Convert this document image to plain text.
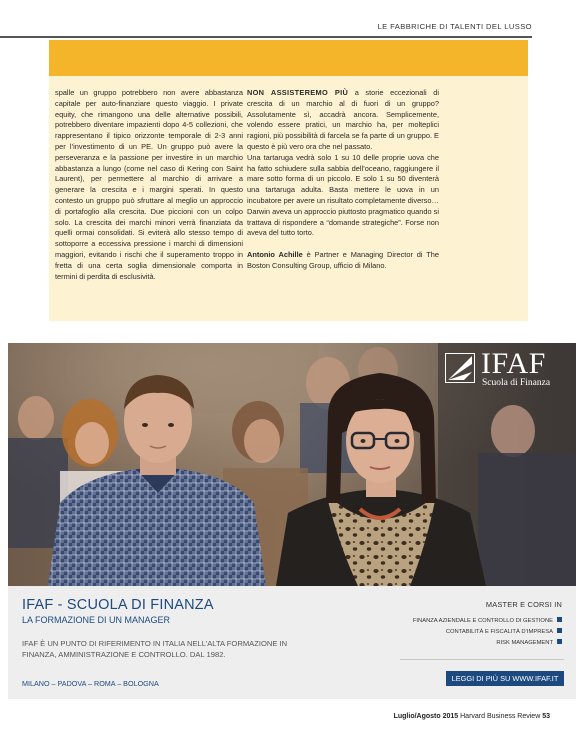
LE FABBRICHE DI TALENTI DEL LUSSO

spalle un gruppo potrebbero non avere abbastanza capitale per auto-finanziare questo viaggio. I private equity, che rimangono una delle alternative possibili, potrebbero diventare impazienti dopo 4-5 collezioni, che rappresentano il tipico orizzonte temporale di 2-3 anni per l’investimento di un PE. Un gruppo può avere la perseveranza e la passione per investire in un marchio abbastanza a lungo (come nel caso di Kering con Saint Laurent), per permettere al marchio di arrivare a generare la crescita e i margini sperati. In questo contesto un gruppo può sfruttare al meglio un approccio di portafoglio alla crescita. Due piccioni con un colpo solo. La crescita dei marchi minori verrà finanziata da quelli ormai consolidati. Si eviterà allo stesso tempo di sottoporre a eccessiva pressione i marchi di dimensioni maggiori, evitando i rischi che il superamento troppo in fretta di una certa soglia dimensionale comporta in termini di perdita di esclusività.

NON ASSISTEREMO PIÙ a storie eccezionali di crescita di un marchio al di fuori di un gruppo? Assolutamente sì, accadrà ancora. Semplicemente, volendo essere pratici, un marchio ha, per molteplici ragioni, più possibilità di farcela se fa parte di un gruppo. E questo è più vero ora che nel passato.
Una tartaruga vedrà solo 1 su 10 delle proprie uova che ha fatto schiudere sulla sabbia dell’oceano, raggiungere il mare sotto forma di un piccolo. E solo 1 su 50 diventerà una tartaruga adulta. Basta mettere le uova in un incubatore per avere un risultato completamente diverso…
Darwin aveva un approccio piuttosto pragmatico quando si trattava di rispondere a “domande strategiche”. Forse non aveva del tutto torto.

Antonio Achille è Partner e Managing Director di The Boston Consulting Group, ufficio di Milano.

IFAF
Scuola di Finanza
IFAF - SCUOLA DI FINANZA
LA FORMAZIONE DI UN MANAGER
IFAF È UN PUNTO DI RIFERIMENTO IN ITALIA NELL’ALTA FORMAZIONE IN FINANZA, AMMINISTRAZIONE E CONTROLLO. DAL 1982.
MILANO – PADOVA – ROMA – BOLOGNA
MASTER E CORSI IN
FINANZA AZIENDALE E CONTROLLO DI GESTIONE
CONTABILITÀ E FISCALITÀ D’IMPRESA
RISK MANAGEMENT
LEGGI DI PIÙ SU WWW.IFAF.IT
Luglio/Agosto 2015 Harvard Business Review 53
